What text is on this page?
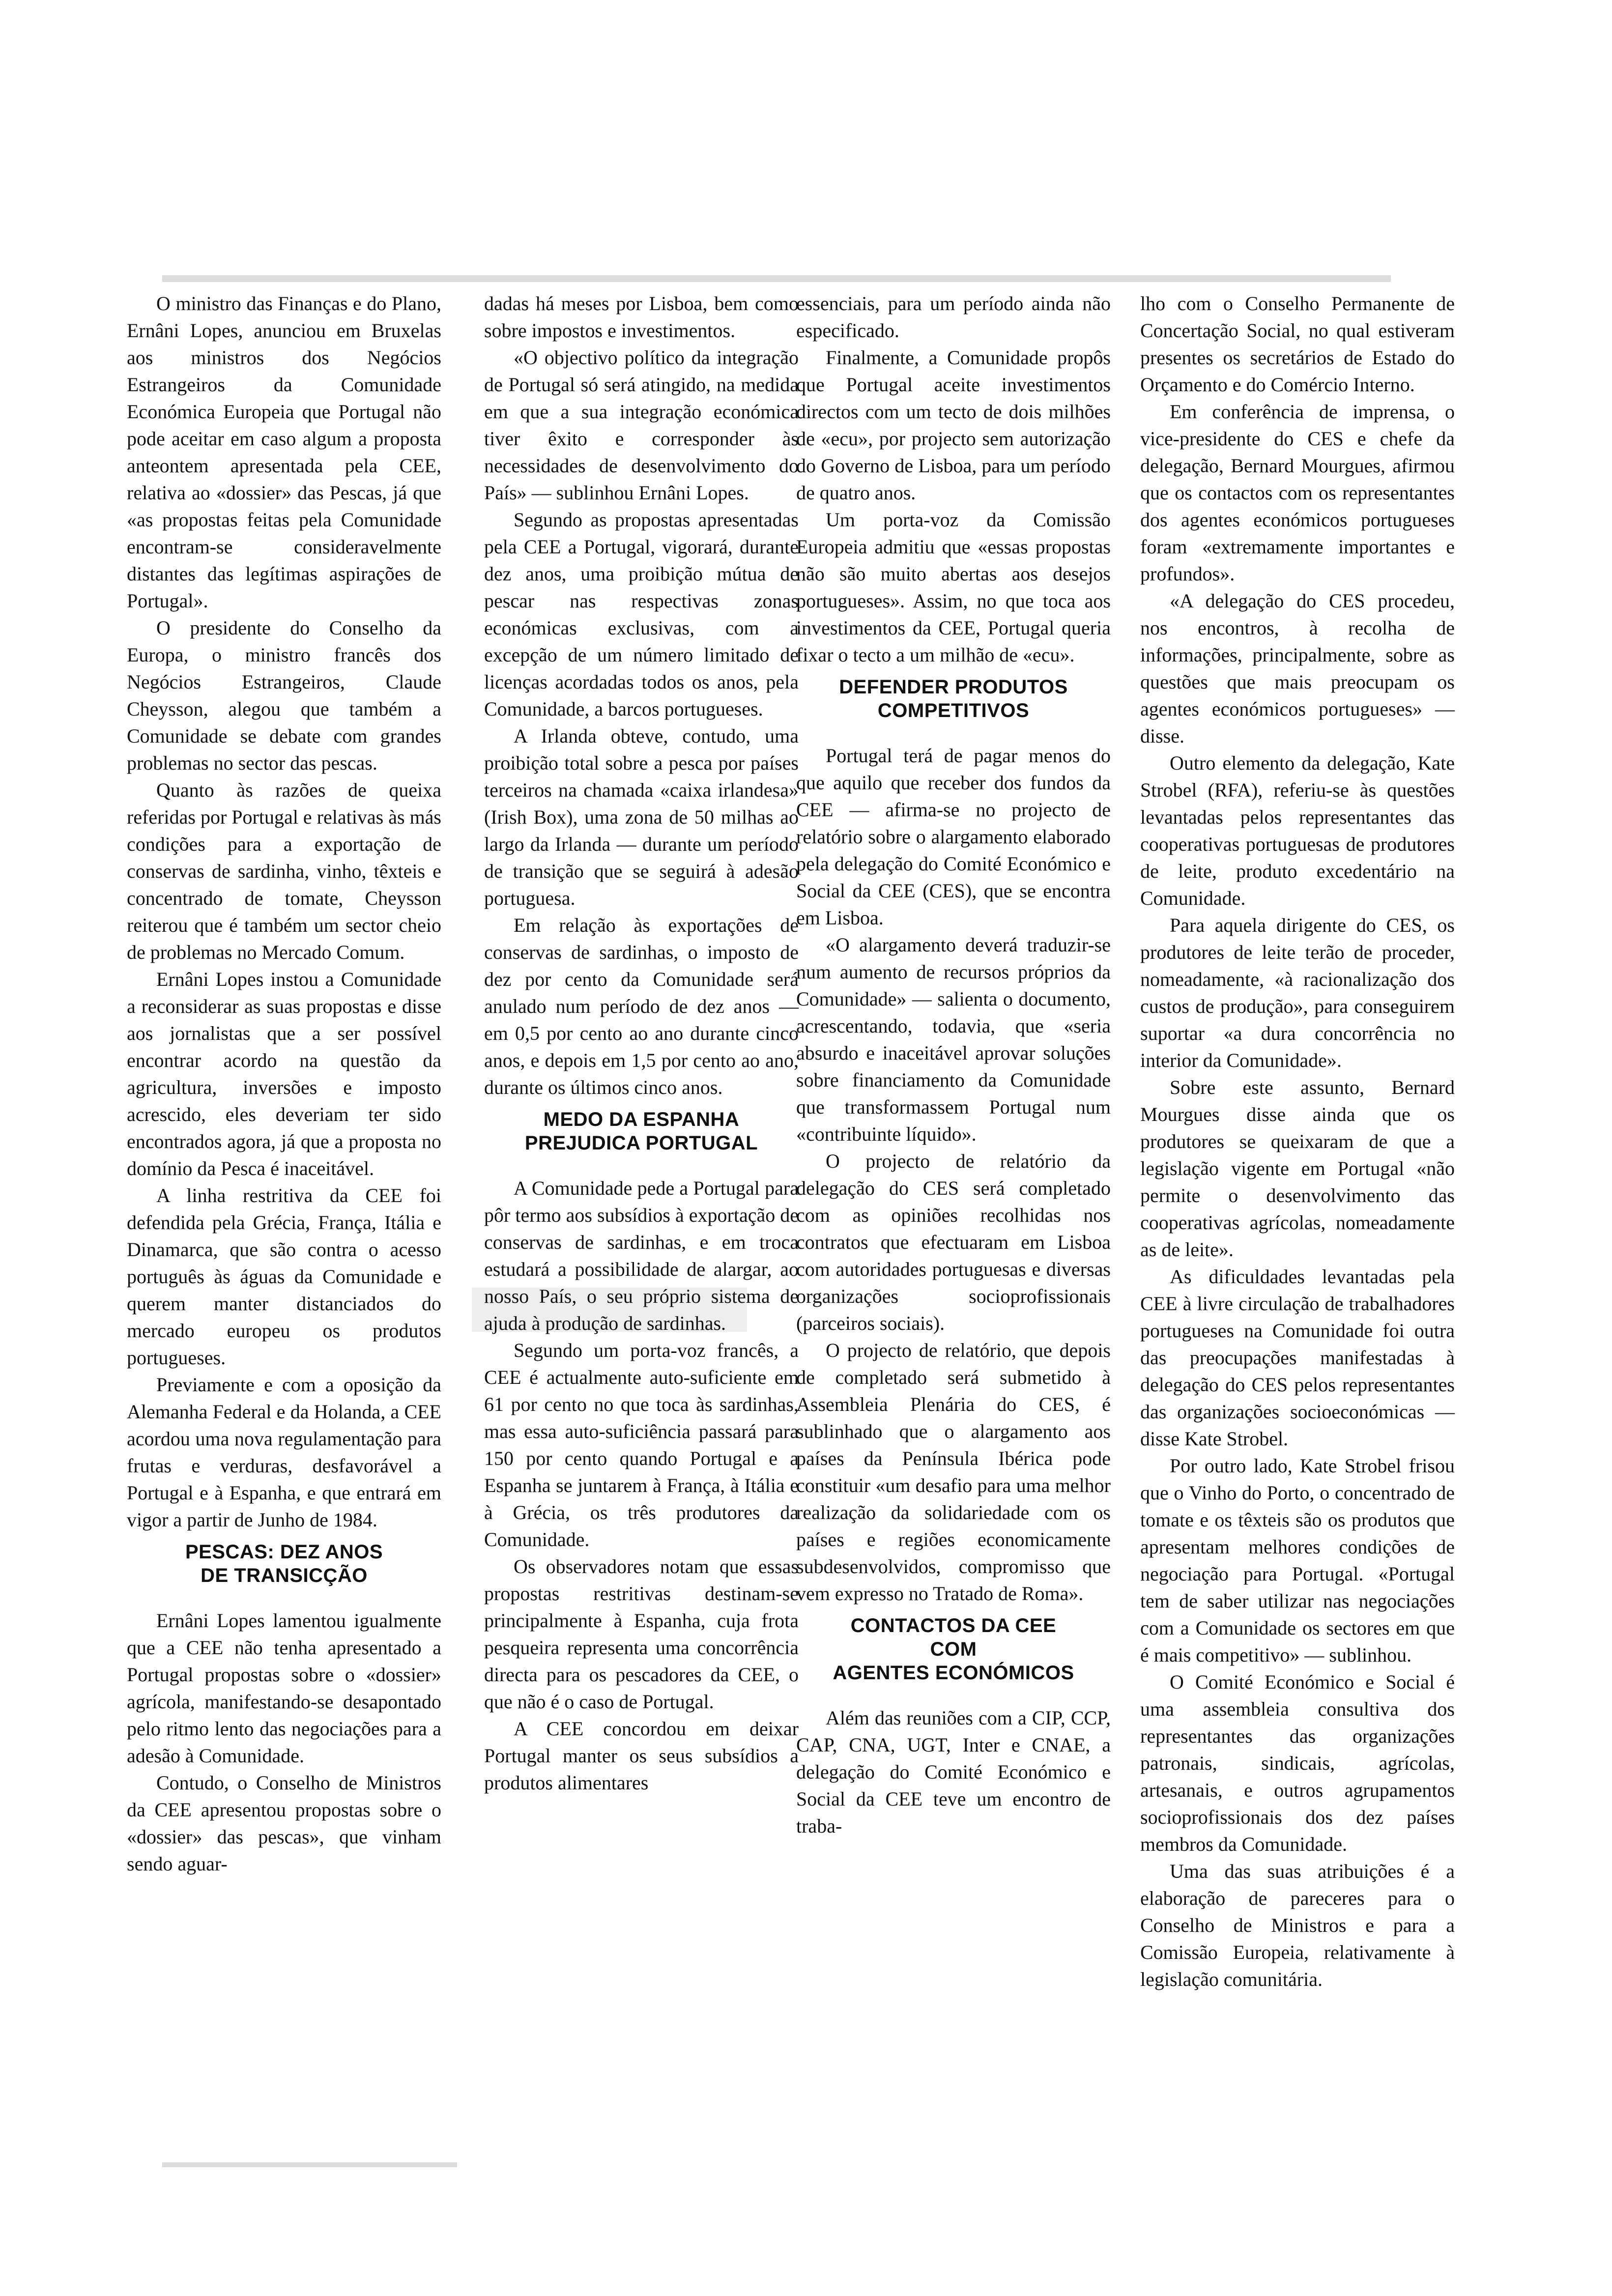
O ministro das Finanças e do Plano, Ernâni Lopes, anunciou em Bruxelas aos ministros dos Negócios Estrangeiros da Comunidade Económica Europeia que Portugal não pode aceitar em caso algum a proposta anteontem apresentada pela CEE, relativa ao «dossier» das Pescas, já que «as propostas feitas pela Comunidade encontram-se consideravelmente distantes das legítimas aspirações de Portugal».

O presidente do Conselho da Europa, o ministro francês dos Negócios Estrangeiros, Claude Cheysson, alegou que também a Comunidade se debate com grandes problemas no sector das pescas.

Quanto às razões de queixa referidas por Portugal e relativas às más condições para a exportação de conservas de sardinha, vinho, têxteis e concentrado de tomate, Cheysson reiterou que é também um sector cheio de problemas no Mercado Comum.

Ernâni Lopes instou a Comunidade a reconsiderar as suas propostas e disse aos jornalistas que a ser possível encontrar acordo na questão da agricultura, inversões e imposto acrescido, eles deveriam ter sido encontrados agora, já que a proposta no domínio da Pesca é inaceitável.

A linha restritiva da CEE foi defendida pela Grécia, França, Itália e Dinamarca, que são contra o acesso português às águas da Comunidade e querem manter distanciados do mercado europeu os produtos portugueses.

Previamente e com a oposição da Alemanha Federal e da Holanda, a CEE acordou uma nova regulamentação para frutas e verduras, desfavorável a Portugal e à Espanha, e que entrará em vigor a partir de Junho de 1984.

PESCAS: DEZ ANOS
DE TRANSICÇÃO

Ernâni Lopes lamentou igualmente que a CEE não tenha apresentado a Portugal propostas sobre o «dossier» agrícola, manifestando-se desapontado pelo ritmo lento das negociações para a adesão à Comunidade.

Contudo, o Conselho de Ministros da CEE apresentou propostas sobre o «dossier» das pescas», que vinham sendo aguar-

dadas há meses por Lisboa, bem como sobre impostos e investimentos.

«O objectivo político da integração de Portugal só será atingido, na medida em que a sua integração económica tiver êxito e corresponder às necessidades de desenvolvimento do País» — sublinhou Ernâni Lopes.

Segundo as propostas apresentadas pela CEE a Portugal, vigorará, durante dez anos, uma proibição mútua de pescar nas respectivas zonas económicas exclusivas, com a excepção de um número limitado de licenças acordadas todos os anos, pela Comunidade, a barcos portugueses.

A Irlanda obteve, contudo, uma proibição total sobre a pesca por países terceiros na chamada «caixa irlandesa» (Irish Box), uma zona de 50 milhas ao largo da Irlanda — durante um período de transição que se seguirá à adesão portuguesa.

Em relação às exportações de conservas de sardinhas, o imposto de dez por cento da Comunidade será anulado num período de dez anos — em 0,5 por cento ao ano durante cinco anos, e depois em 1,5 por cento ao ano, durante os últimos cinco anos.

MEDO DA ESPANHA
PREJUDICA PORTUGAL

A Comunidade pede a Portugal para pôr termo aos subsídios à exportação de conservas de sardinhas, e em troca estudará a possibilidade de alargar, ao nosso País, o seu próprio sistema de ajuda à produção de sardinhas.

Segundo um porta-voz francês, a CEE é actualmente auto-suficiente em 61 por cento no que toca às sardinhas, mas essa auto-suficiência passará para 150 por cento quando Portugal e a Espanha se juntarem à França, à Itália e à Grécia, os três produtores da Comunidade.

Os observadores notam que essas propostas restritivas destinam-se principalmente à Espanha, cuja frota pesqueira representa uma concorrência directa para os pescadores da CEE, o que não é o caso de Portugal.

A CEE concordou em deixar Portugal manter os seus subsídios a produtos alimentares

essenciais, para um período ainda não especificado.

Finalmente, a Comunidade propôs que Portugal aceite investimentos directos com um tecto de dois milhões de «ecu», por projecto sem autorização do Governo de Lisboa, para um período de quatro anos.

Um porta-voz da Comissão Europeia admitiu que «essas propostas não são muito abertas aos desejos portugueses». Assim, no que toca aos investimentos da CEE, Portugal queria fixar o tecto a um milhão de «ecu».

DEFENDER PRODUTOS
COMPETITIVOS

Portugal terá de pagar menos do que aquilo que receber dos fundos da CEE — afirma-se no projecto de relatório sobre o alargamento elaborado pela delegação do Comité Económico e Social da CEE (CES), que se encontra em Lisboa.

«O alargamento deverá traduzir-se num aumento de recursos próprios da Comunidade» — salienta o documento, acrescentando, todavia, que «seria absurdo e inaceitável aprovar soluções sobre financiamento da Comunidade que transformassem Portugal num «contribuinte líquido».

O projecto de relatório da delegação do CES será completado com as opiniões recolhidas nos contratos que efectuaram em Lisboa com autoridades portuguesas e diversas organizações socioprofissionais (parceiros sociais).

O projecto de relatório, que depois de completado será submetido à Assembleia Plenária do CES, é sublinhado que o alargamento aos países da Península Ibérica pode constituir «um desafio para uma melhor realização da solidariedade com os países e regiões economicamente subdesenvolvidos, compromisso que vem expresso no Tratado de Roma».

CONTACTOS DA CEE
COM
AGENTES ECONÓMICOS

Além das reuniões com a CIP, CCP, CAP, CNA, UGT, Inter e CNAE, a delegação do Comité Económico e Social da CEE teve um encontro de traba-

lho com o Conselho Permanente de Concertação Social, no qual estiveram presentes os secretários de Estado do Orçamento e do Comércio Interno.

Em conferência de imprensa, o vice-presidente do CES e chefe da delegação, Bernard Mourgues, afirmou que os contactos com os representantes dos agentes económicos portugueses foram «extremamente importantes e profundos».

«A delegação do CES procedeu, nos encontros, à recolha de informações, principalmente, sobre as questões que mais preocupam os agentes económicos portugueses» — disse.

Outro elemento da delegação, Kate Strobel (RFA), referiu-se às questões levantadas pelos representantes das cooperativas portuguesas de produtores de leite, produto excedentário na Comunidade.

Para aquela dirigente do CES, os produtores de leite terão de proceder, nomeadamente, «à racionalização dos custos de produção», para conseguirem suportar «a dura concorrência no interior da Comunidade».

Sobre este assunto, Bernard Mourgues disse ainda que os produtores se queixaram de que a legislação vigente em Portugal «não permite o desenvolvimento das cooperativas agrícolas, nomeadamente as de leite».

As dificuldades levantadas pela CEE à livre circulação de trabalhadores portugueses na Comunidade foi outra das preocupações manifestadas à delegação do CES pelos representantes das organizações socioeconómicas — disse Kate Strobel.

Por outro lado, Kate Strobel frisou que o Vinho do Porto, o concentrado de tomate e os têxteis são os produtos que apresentam melhores condições de negociação para Portugal. «Portugal tem de saber utilizar nas negociações com a Comunidade os sectores em que é mais competitivo» — sublinhou.

O Comité Económico e Social é uma assembleia consultiva dos representantes das organizações patronais, sindicais, agrícolas, artesanais, e outros agrupamentos socioprofissionais dos dez países membros da Comunidade.

Uma das suas atribuições é a elaboração de pareceres para o Conselho de Ministros e para a Comissão Europeia, relativamente à legislação comunitária.
